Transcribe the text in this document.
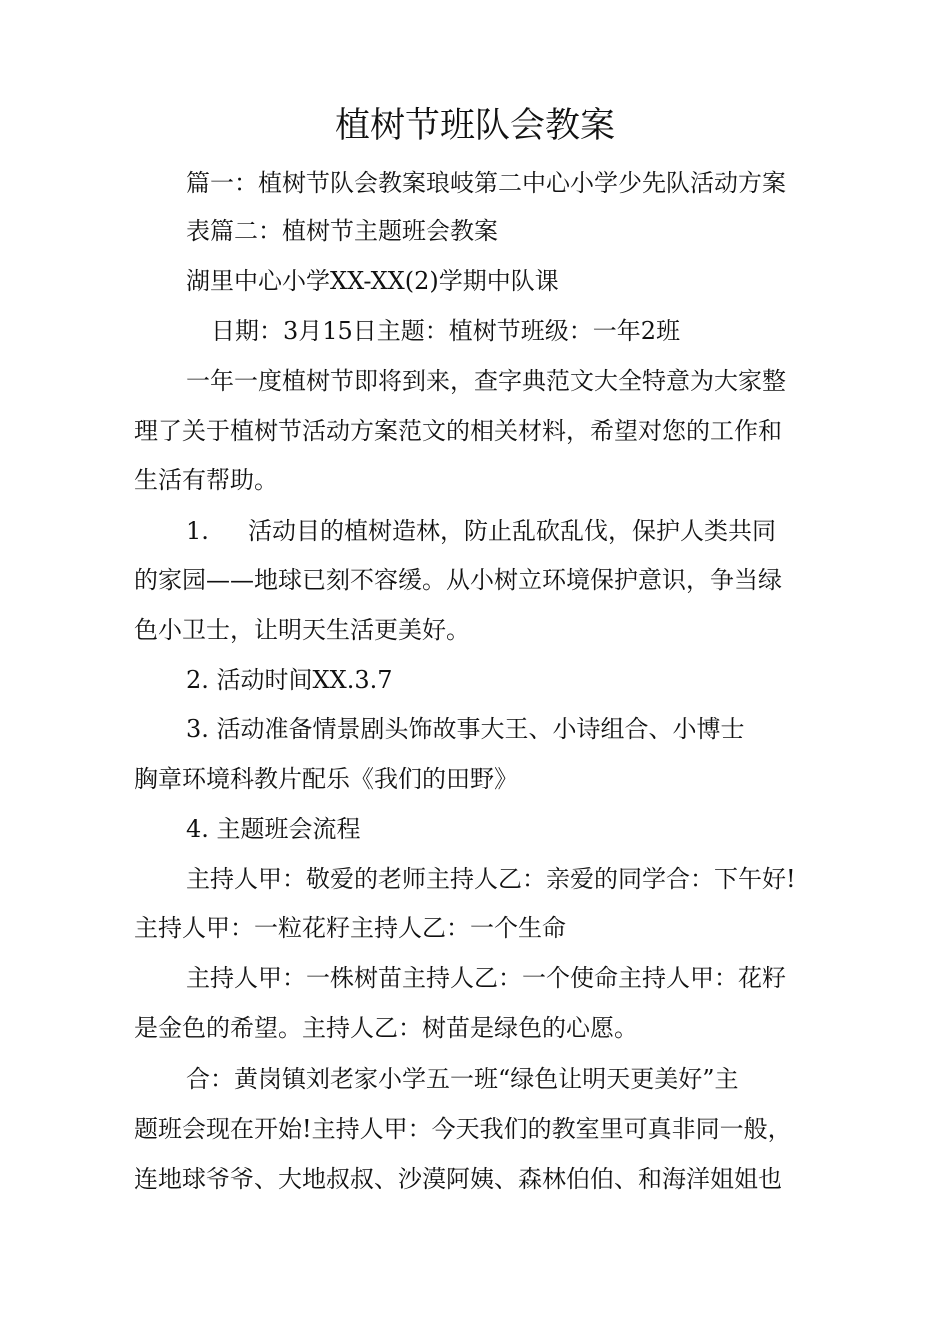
植树节班队会教案
篇一：植树节队会教案琅岐第二中心小学少先队活动方案
表篇二：植树节主题班会教案
湖里中心小学XX-XX(2)学期中队课
日期：3月15日主题：植树节班级：一年2班
一年一度植树节即将到来，查字典范文大全特意为大家整
理了关于植树节活动方案范文的相关材料，希望对您的工作和
生活有帮助。
1. 活动目的植树造林，防止乱砍乱伐，保护人类共同
的家园——地球已刻不容缓。从小树立环境保护意识，争当绿
色小卫士，让明天生活更美好。
2. 活动时间XX.3.7
3. 活动准备情景剧头饰故事大王、小诗组合、小博士
胸章环境科教片配乐《我们的田野》
4. 主题班会流程
主持人甲：敬爱的老师主持人乙：亲爱的同学合：下午好!
主持人甲：一粒花籽主持人乙：一个生命
主持人甲：一株树苗主持人乙：一个使命主持人甲：花籽
是金色的希望。主持人乙：树苗是绿色的心愿。
合：黄岗镇刘老家小学五一班“绿色让明天更美好”主
题班会现在开始!主持人甲：今天我们的教室里可真非同一般，
连地球爷爷、大地叔叔、沙漠阿姨、森林伯伯、和海洋姐姐也
